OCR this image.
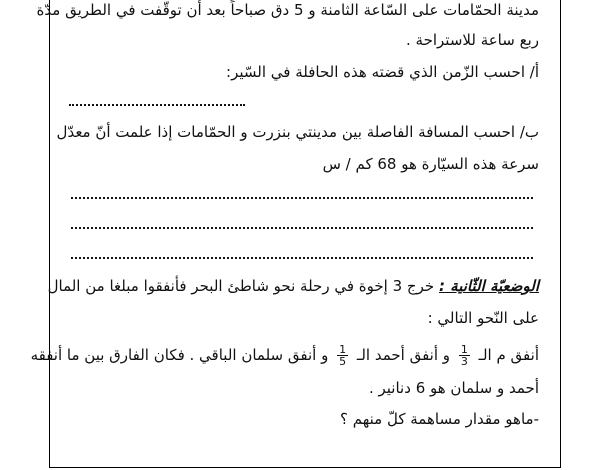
مدينة الحمّامات على السّاعة الثامنة و 5 دق صباحاً بعد أن توقّفت في الطريق مدّة
ربع ساعة للاستراحة .
أ/ احسب الزّمن الذي قضته هذه الحافلة في السّير:
ب/ احسب المسافة الفاصلة بين مدينتي بنزرت و الحمّامات إذا علمت أنّ معدّل
سرعة هذه السيّارة هو 68 كم / س
الوضعيّة الثّانية : خرج 3 إخوة في رحلة نحو شاطئ البحر فأنفقوا مبلغا من المال
على النّحو التالي :
أنفق م الـ
$\frac{1}{3}$
و أنفق أحمد الـ
$\frac{1}{5}$
و أنفق سلمان الباقي . فكان الفارق بين ما أنفقه
أحمد و سلمان هو 6 دنانير .
-ماهو مقدار مساهمة كلّ منهم ؟
